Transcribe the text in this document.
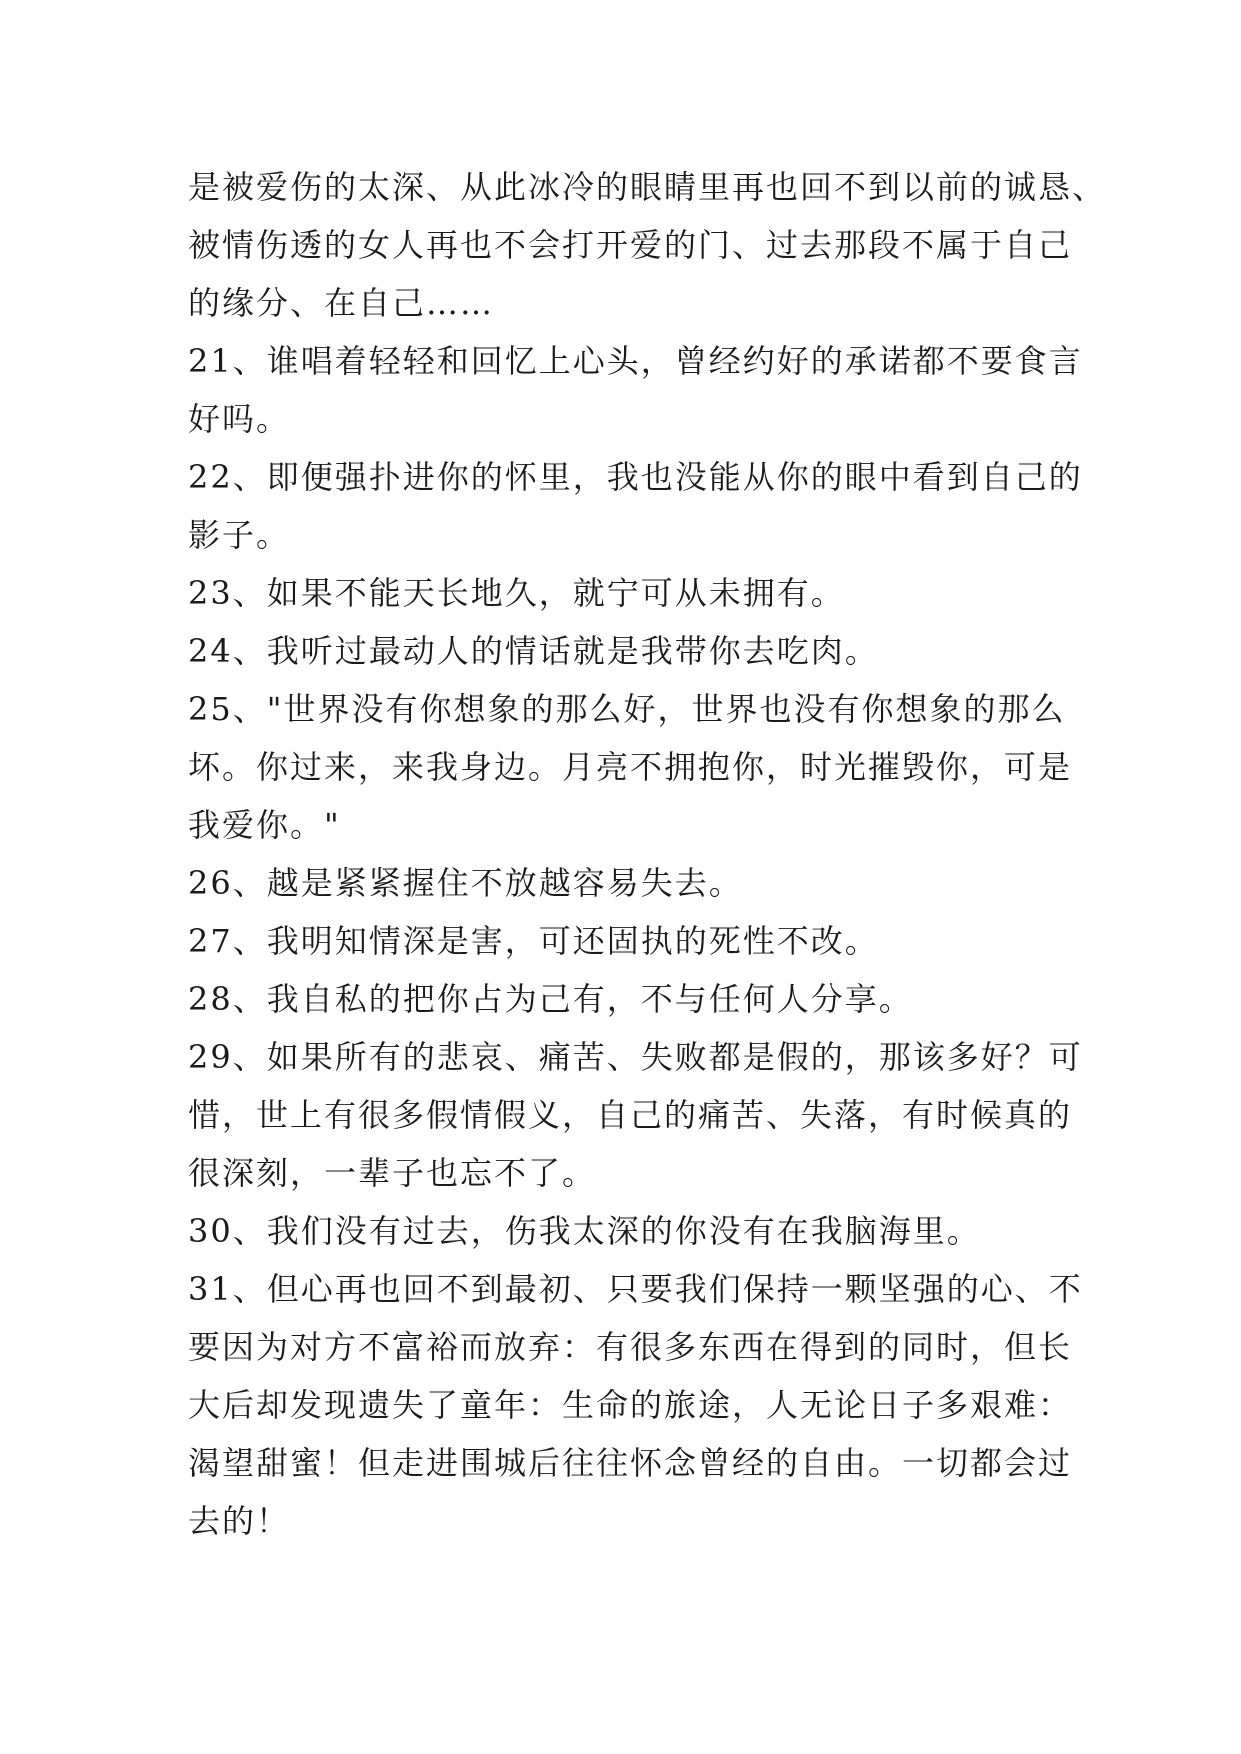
是被爱伤的太深、从此冰冷的眼睛里再也回不到以前的诚恳、
被情伤透的女人再也不会打开爱的门、过去那段不属于自己
的缘分、在自己……
21、谁唱着轻轻和回忆上心头，曾经约好的承诺都不要食言
好吗。
22、即便强扑进你的怀里，我也没能从你的眼中看到自己的
影子。
23、如果不能天长地久，就宁可从未拥有。
24、我听过最动人的情话就是我带你去吃肉。
25、"世界没有你想象的那么好，世界也没有你想象的那么
坏。你过来，来我身边。月亮不拥抱你，时光摧毁你，可是
我爱你。"
26、越是紧紧握住不放越容易失去。
27、我明知情深是害，可还固执的死性不改。
28、我自私的把你占为己有，不与任何人分享。
29、如果所有的悲哀、痛苦、失败都是假的，那该多好？可
惜，世上有很多假情假义，自己的痛苦、失落，有时候真的
很深刻，一辈子也忘不了。
30、我们没有过去，伤我太深的你没有在我脑海里。
31、但心再也回不到最初、只要我们保持一颗坚强的心、不
要因为对方不富裕而放弃：有很多东西在得到的同时，但长
大后却发现遗失了童年：生命的旅途，人无论日子多艰难：
渴望甜蜜！但走进围城后往往怀念曾经的自由。一切都会过
去的！
